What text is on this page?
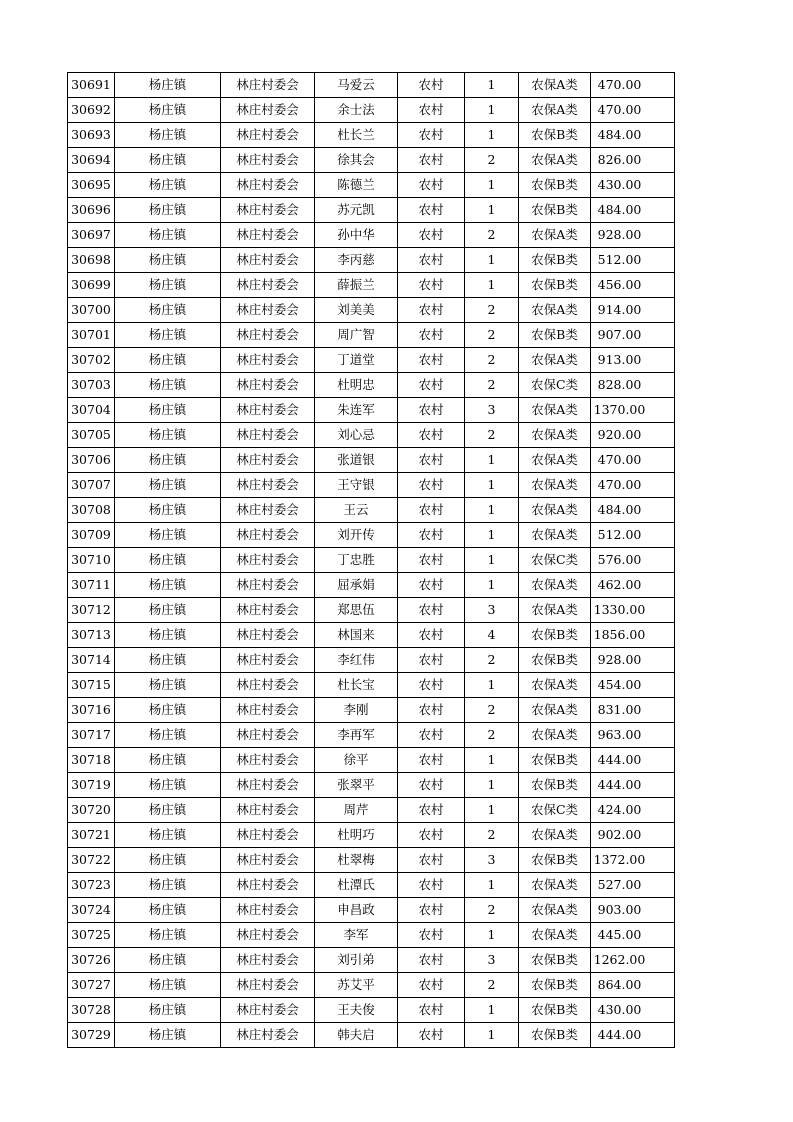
30691	杨庄镇	林庄村委会	马爱云	农村	1	农保A类	470.00
30692	杨庄镇	林庄村委会	余士法	农村	1	农保A类	470.00
30693	杨庄镇	林庄村委会	杜长兰	农村	1	农保B类	484.00
30694	杨庄镇	林庄村委会	徐其会	农村	2	农保A类	826.00
30695	杨庄镇	林庄村委会	陈德兰	农村	1	农保B类	430.00
30696	杨庄镇	林庄村委会	苏元凯	农村	1	农保B类	484.00
30697	杨庄镇	林庄村委会	孙中华	农村	2	农保A类	928.00
30698	杨庄镇	林庄村委会	李丙慈	农村	1	农保B类	512.00
30699	杨庄镇	林庄村委会	薛振兰	农村	1	农保B类	456.00
30700	杨庄镇	林庄村委会	刘美美	农村	2	农保A类	914.00
30701	杨庄镇	林庄村委会	周广智	农村	2	农保B类	907.00
30702	杨庄镇	林庄村委会	丁道堂	农村	2	农保A类	913.00
30703	杨庄镇	林庄村委会	杜明忠	农村	2	农保C类	828.00
30704	杨庄镇	林庄村委会	朱连军	农村	3	农保A类	1370.00
30705	杨庄镇	林庄村委会	刘心忌	农村	2	农保A类	920.00
30706	杨庄镇	林庄村委会	张道银	农村	1	农保A类	470.00
30707	杨庄镇	林庄村委会	王守银	农村	1	农保A类	470.00
30708	杨庄镇	林庄村委会	王云	农村	1	农保A类	484.00
30709	杨庄镇	林庄村委会	刘开传	农村	1	农保A类	512.00
30710	杨庄镇	林庄村委会	丁忠胜	农村	1	农保C类	576.00
30711	杨庄镇	林庄村委会	屈承娟	农村	1	农保A类	462.00
30712	杨庄镇	林庄村委会	郑思伍	农村	3	农保A类	1330.00
30713	杨庄镇	林庄村委会	林国来	农村	4	农保B类	1856.00
30714	杨庄镇	林庄村委会	李红伟	农村	2	农保B类	928.00
30715	杨庄镇	林庄村委会	杜长宝	农村	1	农保A类	454.00
30716	杨庄镇	林庄村委会	李刚	农村	2	农保A类	831.00
30717	杨庄镇	林庄村委会	李再军	农村	2	农保A类	963.00
30718	杨庄镇	林庄村委会	徐平	农村	1	农保B类	444.00
30719	杨庄镇	林庄村委会	张翠平	农村	1	农保B类	444.00
30720	杨庄镇	林庄村委会	周芹	农村	1	农保C类	424.00
30721	杨庄镇	林庄村委会	杜明巧	农村	2	农保A类	902.00
30722	杨庄镇	林庄村委会	杜翠梅	农村	3	农保B类	1372.00
30723	杨庄镇	林庄村委会	杜潭氏	农村	1	农保A类	527.00
30724	杨庄镇	林庄村委会	申昌政	农村	2	农保A类	903.00
30725	杨庄镇	林庄村委会	李军	农村	1	农保A类	445.00
30726	杨庄镇	林庄村委会	刘引弟	农村	3	农保B类	1262.00
30727	杨庄镇	林庄村委会	苏艾平	农村	2	农保B类	864.00
30728	杨庄镇	林庄村委会	王夫俊	农村	1	农保B类	430.00
30729	杨庄镇	林庄村委会	韩夫启	农村	1	农保B类	444.00
